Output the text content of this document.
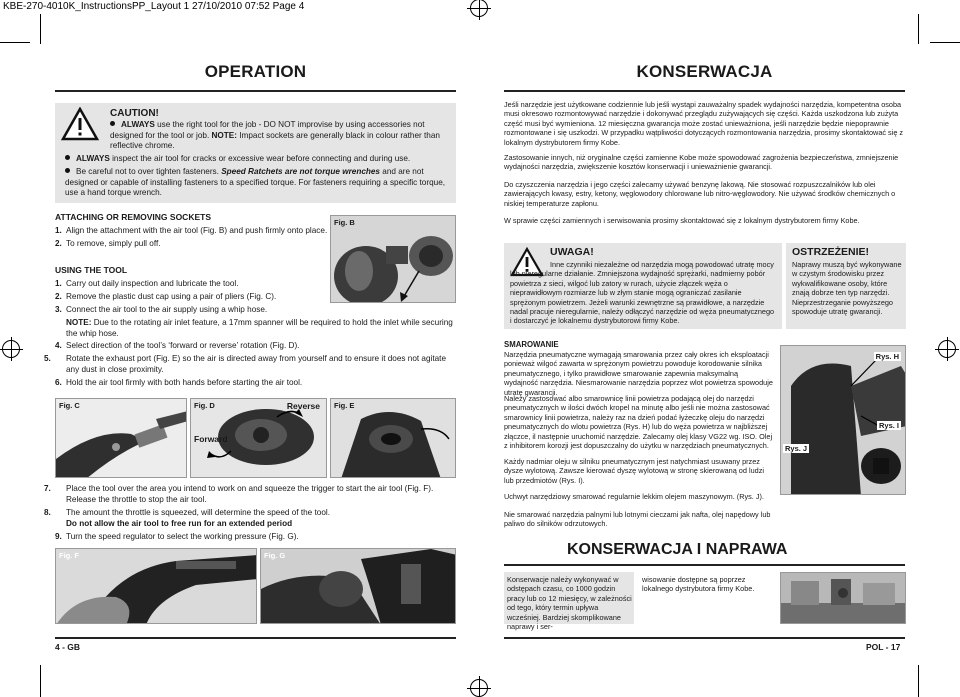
KBE-270-4010K_InstructionsPP_Layout 1 27/10/2010 07:52 Page 4
OPERATION
CAUTION!
ALWAYS use the right tool for the job - DO NOT improvise by using accessories not designed for the tool or job. NOTE: Impact sockets are generally black in colour rather than reflective chrome.
ALWAYS inspect the air tool for cracks or excessive wear before connecting and during use.
Be careful not to over tighten fasteners. Speed Ratchets are not torque wrenches and are not designed or capable of installing fasteners to a specified torque. For fasteners requiring a specific torque, use a hand torque wrench.
ATTACHING OR REMOVING SOCKETS
1. Align the attachment with the air tool (Fig. B) and push firmly onto place.
2. To remove, simply pull off.
Fig. B
USING THE TOOL
1. Carry out daily inspection and lubricate the tool.
2. Remove the plastic dust cap using a pair of pliers (Fig. C).
3. Connect the air tool to the air supply using a whip hose.
NOTE: Due to the rotating air inlet feature, a 17mm spanner will be required to hold the inlet while securing the whip hose.
4. Select direction of the tool’s ‘forward or reverse’ rotation (Fig. D).
5. Rotate the exhaust port (Fig. E) so the air is directed away from yourself and to ensure it does not agitate any dust in close proximity.
6. Hold the air tool firmly with both hands before starting the air tool.
Fig. C	Fig. D	Reverse
Forward
Fig. E
7. Place the tool over the area you intend to work on and squeeze the trigger to start the air tool (Fig. F). Release the throttle to stop the air tool.
8. The amount the throttle is squeezed, will determine the speed of the tool.
Do not allow the air tool to free run for an extended period
9. Turn the speed regulator to select the working pressure (Fig. G).
Fig. F	Fig. G
4 - GB
KONSERWACJA
Jeśli narzędzie jest użytkowane codziennie lub jeśli wystąpi zauważalny spadek wydajności narzędzia, kompetentna osoba musi okresowo rozmontowywać narzędzie i dokonywać przeglądu zużywających się części. Każda uszkodzona lub zużyta część musi być wymieniona. 12 miesięczna gwarancja może zostać unieważniona, jeśli narzędzie będzie niepoprawnie rozmontowane i się uszkodzi. W przypadku wątpliwości dotyczących rozmontowania narzędzia, prosimy skontaktować się z lokalnym dystrybutorem firmy Kobe.
Zastosowanie innych, niż oryginalne części zamienne Kobe może spowodować zagrożenia bezpieczeństwa, zmniejszenie wydajności narzędzia, zwiększenie kosztów konserwacji i unieważnienie gwarancji.
Do czyszczenia narzędzia i jego części zalecamy używać benzynę lakową. Nie stosować rozpuszczalników lub olei zawierających kwasy, estry, ketony, węglowodory chlorowane lub nitro-węglowodory. Nie używać środków chemicznych o niskiej temperaturze zapłonu.
W sprawie części zamiennych i serwisowania prosimy skontaktować się z lokalnym dystrybutorem firmy Kobe.
UWAGA!
Inne czynniki niezależne od narzędzia mogą powodować utratę mocy lub nieregularne działanie. Zmniejszona wydajność sprężarki, nadmierny pobór powietrza z sieci, wilgoć lub zatory w rurach, użycie złączek węża o nieprawidłowym rozmiarze lub w złym stanie mogą ograniczać zasilanie sprężonym powietrzem. Jeżeli warunki zewnętrzne są prawidłowe, a narzędzie nadal pracuje nieregularnie, należy odłączyć narzędzie od węża pneumatycznego i dostarczyć je lokalnemu dystrybutorowi firmy Kobe.
OSTRZEŻENIE!
Naprawy muszą być wykonywane w czystym środowisku przez wykwalifikowane osoby, które znają dobrze ten typ narzędzi. Nieprzestrzeganie powyższego spowoduje utratę gwarancji.
SMAROWANIE
Narzędzia pneumatyczne wymagają smarowania przez cały okres ich eksploatacji ponieważ wilgoć zawarta w sprężonym powietrzu powoduje korodowanie silnika pneumatycznego, i tylko prawidłowe smarowanie zapewnia maksymalną wydajność narzędzia. Niesmarowanie narzędzia poprzez wlot powietrza spowoduje utratę gwarancji.
Należy zastosować albo smarownicę linii powietrza podającą olej do narzędzi pneumatycznych w ilości dwóch kropel na minutę albo jeśli nie można zastosować smarownicy linii powietrza, należy raz na dzień podać łyżeczkę oleju do narzędzi pneumatycznych do wlotu powietrza (Rys. H) lub do węża powietrza w najbliższej złączce, il następnie uruchomić narzędzie. Zalecamy olej klasy VG22 wg. ISO. Olej z inhibitorem korozji jest dopuszczalny do użytku w narzędziach pneumatycznych.
Każdy nadmiar oleju w silniku pneumatycznym jest natychmiast usuwany przez dysze wylotową. Zawsze kierować dyszę wylotową w stronę skierowaną od ludzi lub przedmiotów (Rys. I).
Uchwyt narzędziowy smarować regularnie lekkim olejem maszynowym. (Rys. J).
Nie smarować narzędzia palnymi lub lotnymi cieczami jak nafta, olej napędowy lub paliwo do silników odrzutowych.
Rys. H
Rys. I
Rys. J
KONSERWACJA I NAPRAWA
Konserwacje należy wykonywać w odstępach czasu, co 1000 godzin pracy lub co 12 miesięcy, w zależności od tego, który termin upływa wcześniej. Bardziej skomplikowane naprawy i ser-
wisowanie dostępne są poprzez lokalnego dystrybutora firmy Kobe.
POL - 17
